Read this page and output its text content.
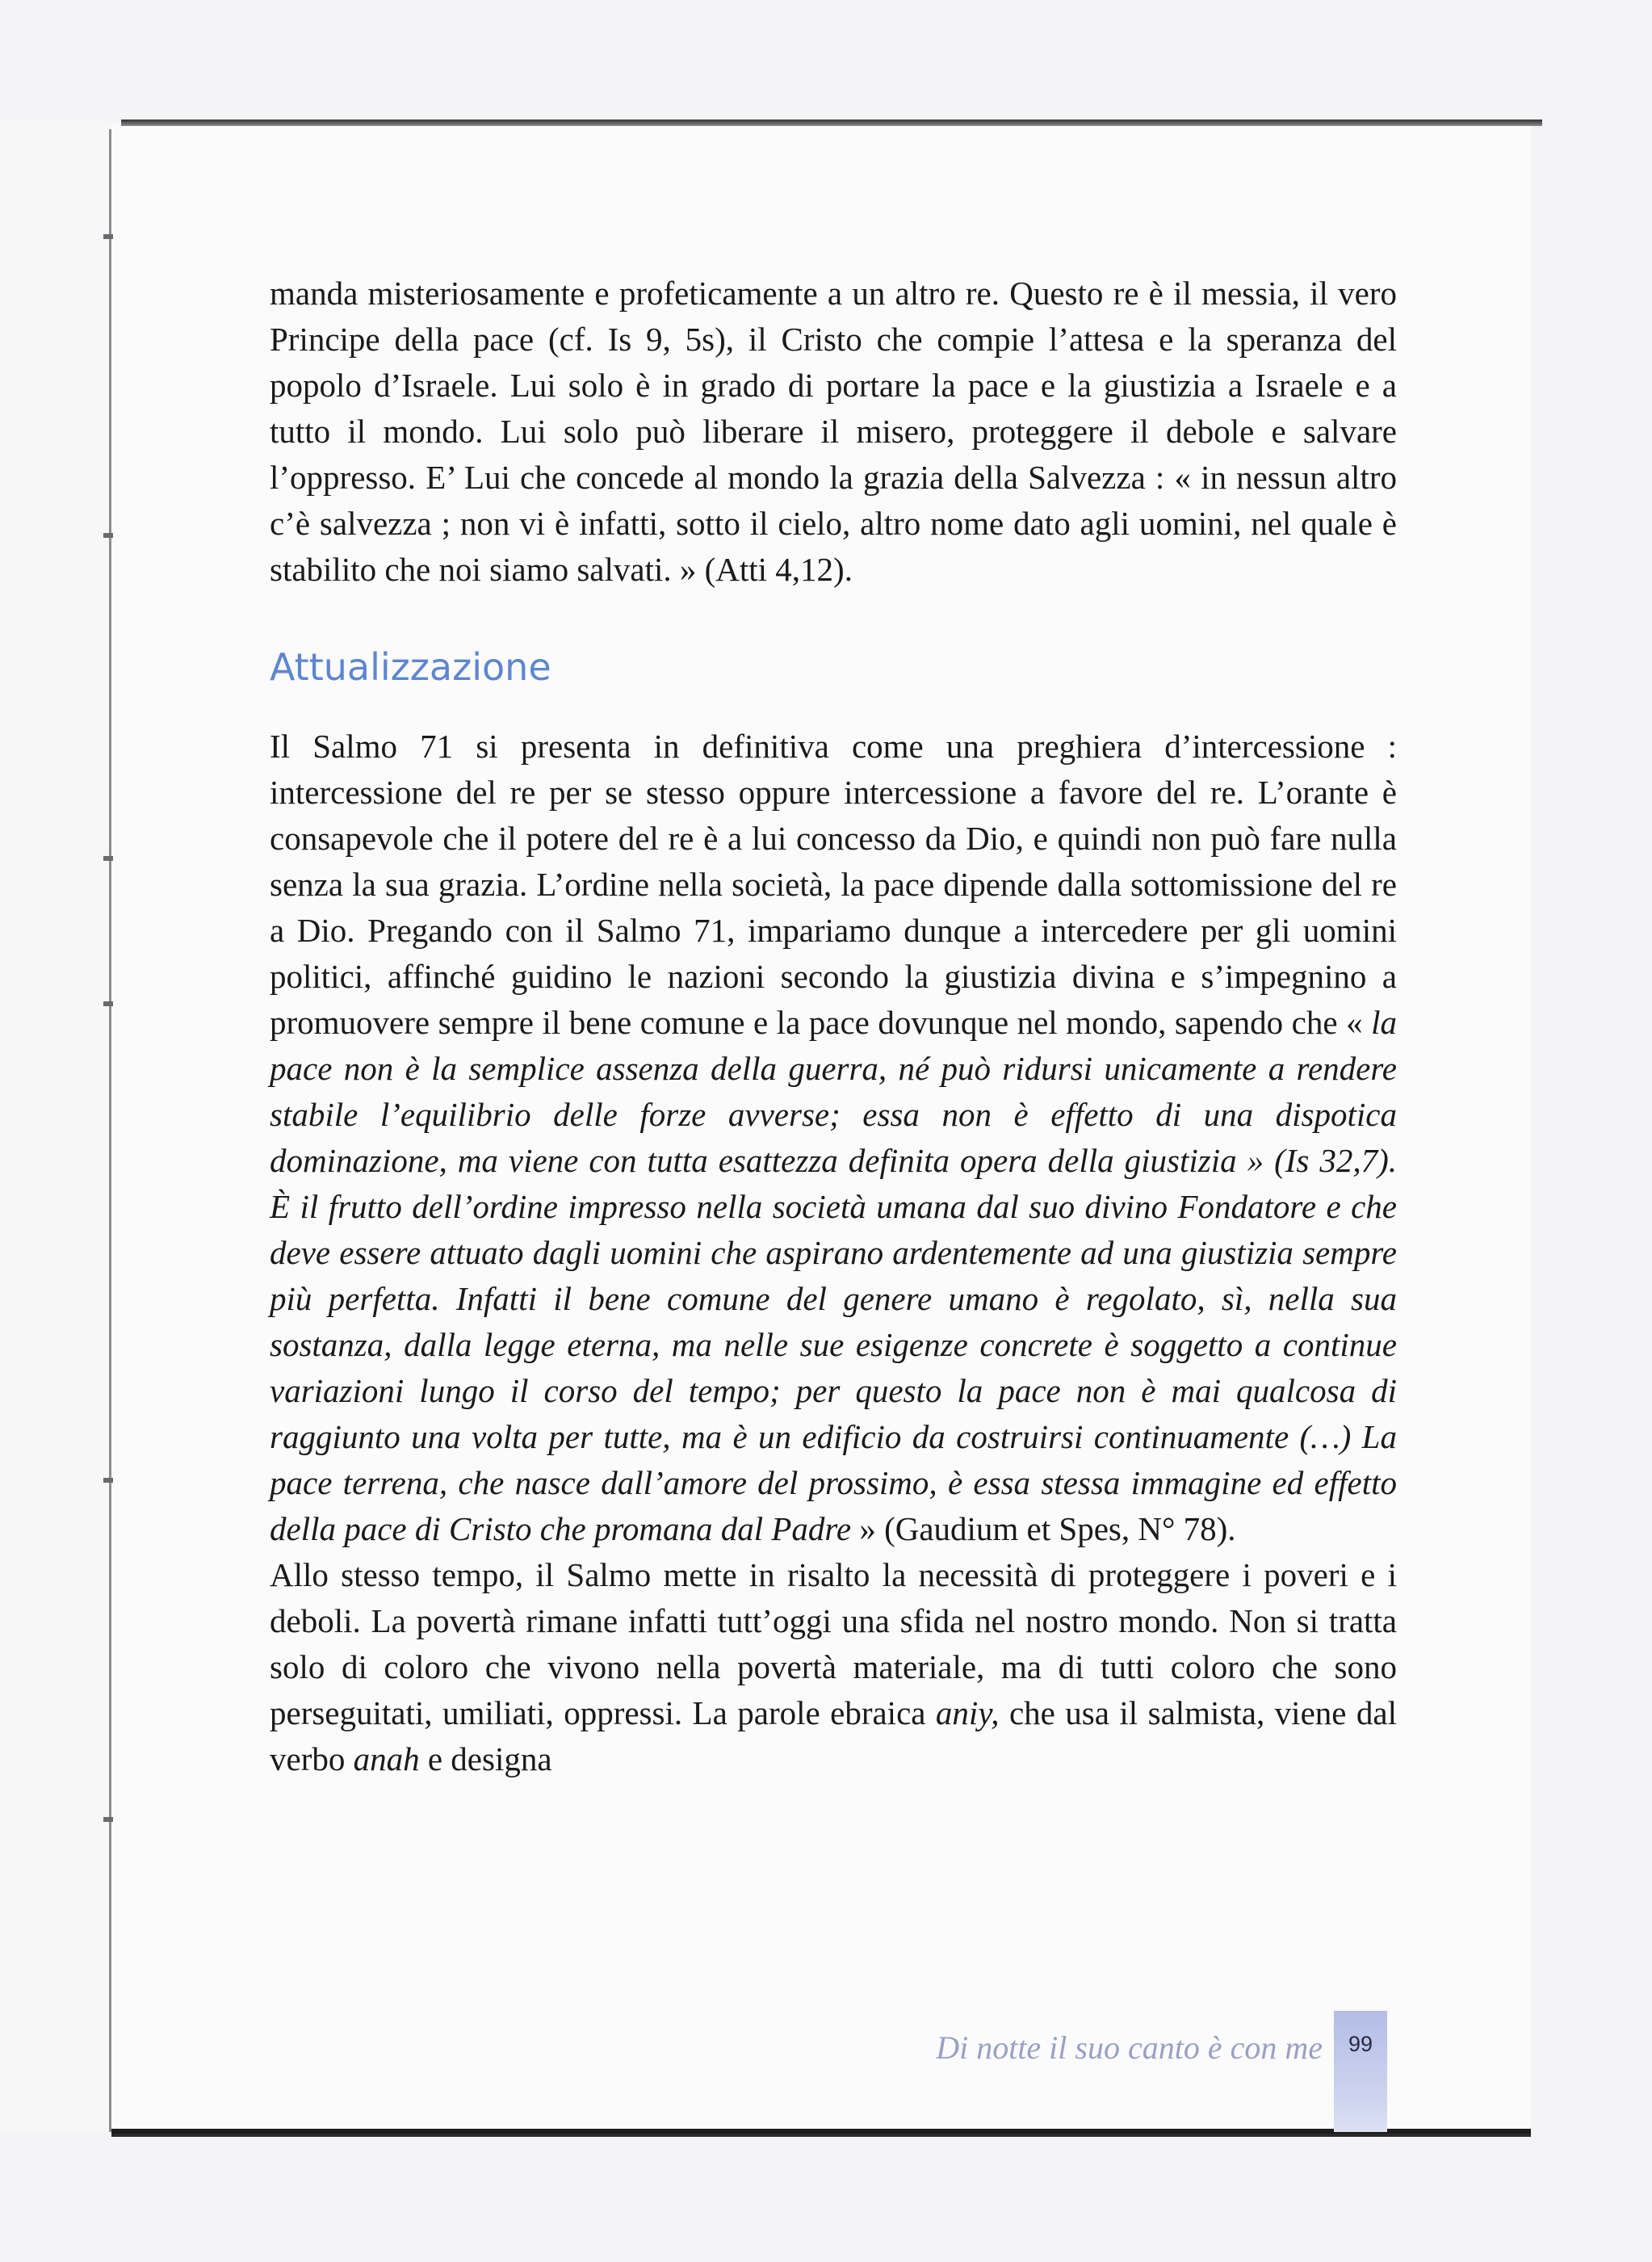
manda misteriosamente e profeticamente a un altro re. Questo re è il messia, il vero Principe della pace (cf. Is 9, 5s), il Cristo che compie l’attesa e la speranza del popolo d’Israele. Lui solo è in grado di portare la pace e la giustizia a Israele e a tutto il mondo. Lui solo può liberare il misero, proteggere il debole e salvare l’oppresso. E’ Lui che concede al mondo la grazia della Salvezza : « in nessun altro c’è salvezza ; non vi è infatti, sotto il cielo, altro nome dato agli uomini, nel quale è stabilito che noi siamo salvati. » (Atti 4,12).

Attualizzazione

Il Salmo 71 si presenta in definitiva come una preghiera d’intercessione : intercessione del re per se stesso oppure intercessione a favore del re. L’orante è consapevole che il potere del re è a lui concesso da Dio, e quindi non può fare nulla senza la sua grazia. L’ordine nella società, la pace dipende dalla sottomissione del re a Dio. Pregando con il Salmo 71, impariamo dunque a intercedere per gli uomini politici, affinché guidino le nazioni secondo la giustizia divina e s’impegnino a promuovere sempre il bene comune e la pace dovunque nel mondo, sapendo che « la pace non è la semplice assenza della guerra, né può ridursi unicamente a rendere stabile l’equilibrio delle forze avverse; essa non è effetto di una dispotica dominazione, ma viene con tutta esattezza definita opera della giustizia » (Is 32,7). È il frutto dell’ordine impresso nella società umana dal suo divino Fondatore e che deve essere attuato dagli uomini che aspirano ardentemente ad una giustizia sempre più perfetta. Infatti il bene comune del genere umano è regolato, sì, nella sua sostanza, dalla legge eterna, ma nelle sue esigenze concrete è soggetto a continue variazioni lungo il corso del tempo; per questo la pace non è mai qualcosa di raggiunto una volta per tutte, ma è un edificio da costruirsi continuamente (…) La pace terrena, che nasce dall’amore del prossimo, è essa stessa immagine ed effetto della pace di Cristo che promana dal Padre » (Gaudium et Spes, N° 78).

Allo stesso tempo, il Salmo mette in risalto la necessità di proteggere i poveri e i deboli. La povertà rimane infatti tutt’oggi una sfida nel nostro mondo. Non si tratta solo di coloro che vivono nella povertà materiale, ma di tutti coloro che sono perseguitati, umiliati, oppressi. La parole ebraica aniy, che usa il salmista, viene dal verbo anah e designa

Di notte il suo canto è con me	99
